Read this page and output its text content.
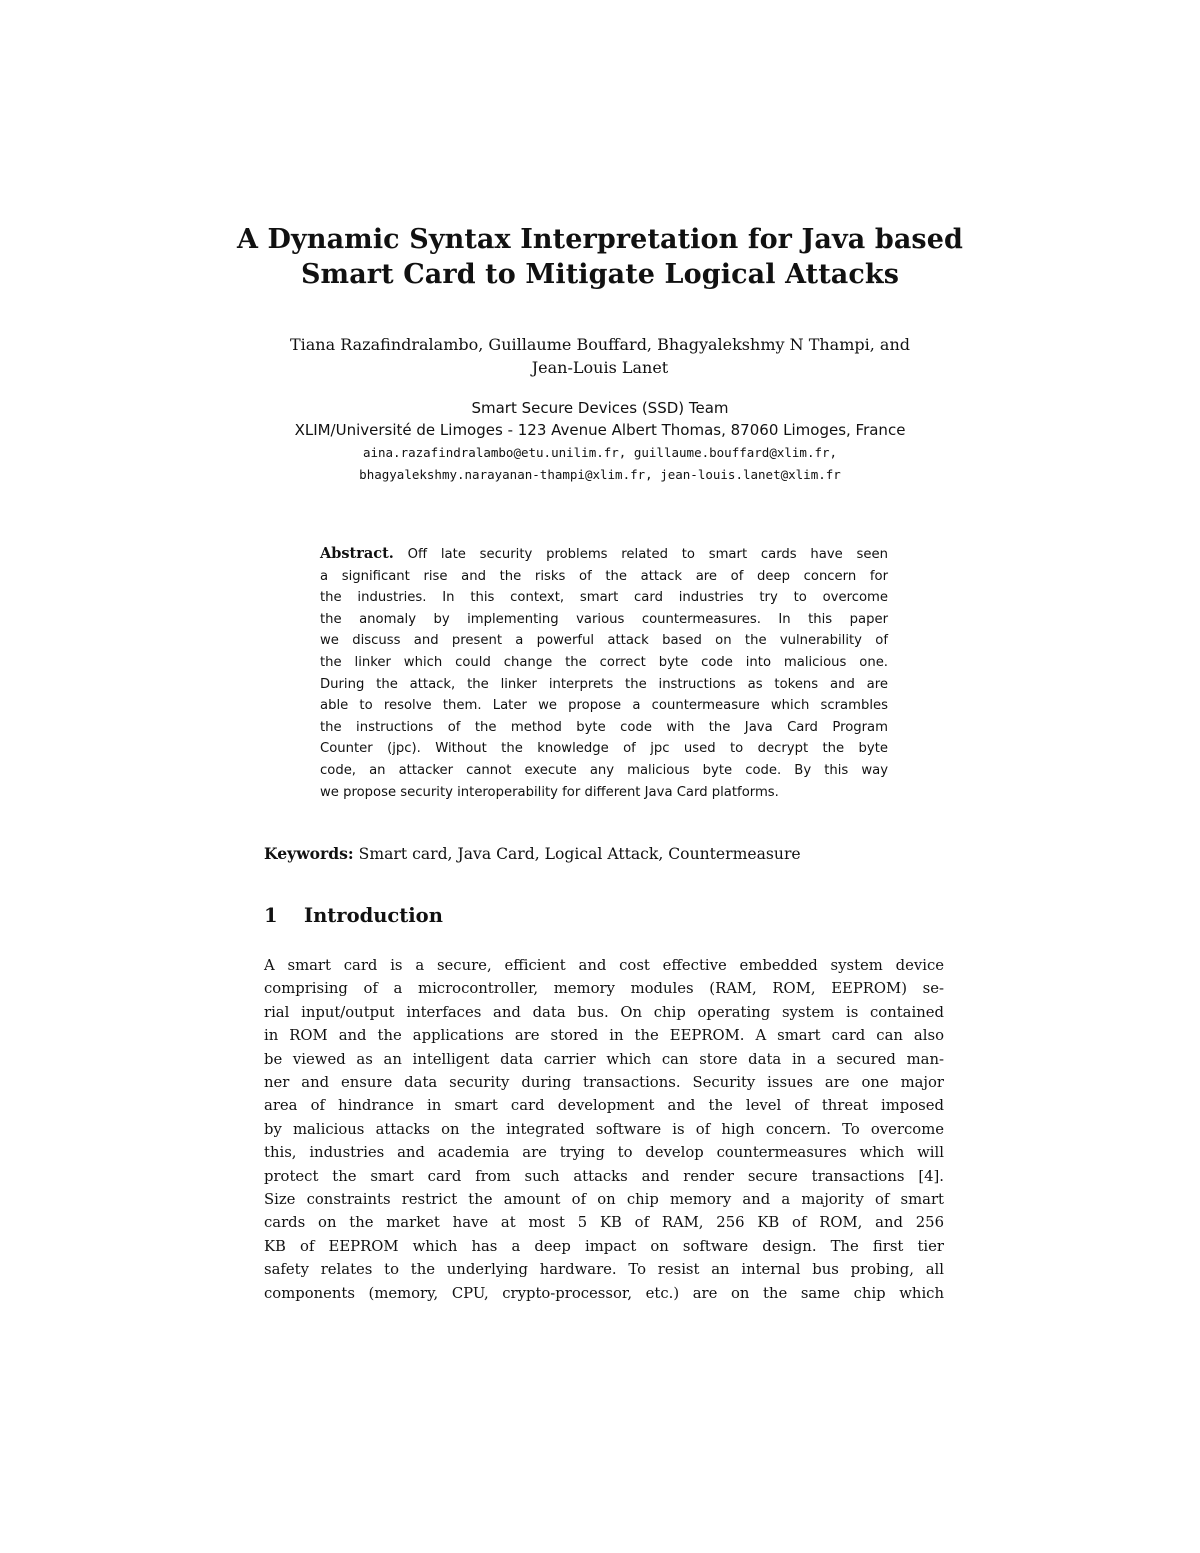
A Dynamic Syntax Interpretation for Java based
Smart Card to Mitigate Logical Attacks
Tiana Razafindralambo, Guillaume Bouffard, Bhagyalekshmy N Thampi, and
Jean-Louis Lanet
Smart Secure Devices (SSD) Team
XLIM/Université de Limoges - 123 Avenue Albert Thomas, 87060 Limoges, France
aina.razafindralambo@etu.unilim.fr, guillaume.bouffard@xlim.fr,
bhagyalekshmy.narayanan-thampi@xlim.fr, jean-louis.lanet@xlim.fr
Abstract. Off late security problems related to smart cards have seen
a significant rise and the risks of the attack are of deep concern for
the industries. In this context, smart card industries try to overcome
the anomaly by implementing various countermeasures. In this paper
we discuss and present a powerful attack based on the vulnerability of
the linker which could change the correct byte code into malicious one.
During the attack, the linker interprets the instructions as tokens and are
able to resolve them. Later we propose a countermeasure which scrambles
the instructions of the method byte code with the Java Card Program
Counter (jpc). Without the knowledge of jpc used to decrypt the byte
code, an attacker cannot execute any malicious byte code. By this way
we propose security interoperability for different Java Card platforms.
Keywords: Smart card, Java Card, Logical Attack, Countermeasure
1 Introduction
A smart card is a secure, efficient and cost effective embedded system device
comprising of a microcontroller, memory modules (RAM, ROM, EEPROM) se-
rial input/output interfaces and data bus. On chip operating system is contained
in ROM and the applications are stored in the EEPROM. A smart card can also
be viewed as an intelligent data carrier which can store data in a secured man-
ner and ensure data security during transactions. Security issues are one major
area of hindrance in smart card development and the level of threat imposed
by malicious attacks on the integrated software is of high concern. To overcome
this, industries and academia are trying to develop countermeasures which will
protect the smart card from such attacks and render secure transactions [4].
Size constraints restrict the amount of on chip memory and a majority of smart
cards on the market have at most 5 KB of RAM, 256 KB of ROM, and 256
KB of EEPROM which has a deep impact on software design. The first tier
safety relates to the underlying hardware. To resist an internal bus probing, all
components (memory, CPU, crypto-processor, etc.) are on the same chip which
